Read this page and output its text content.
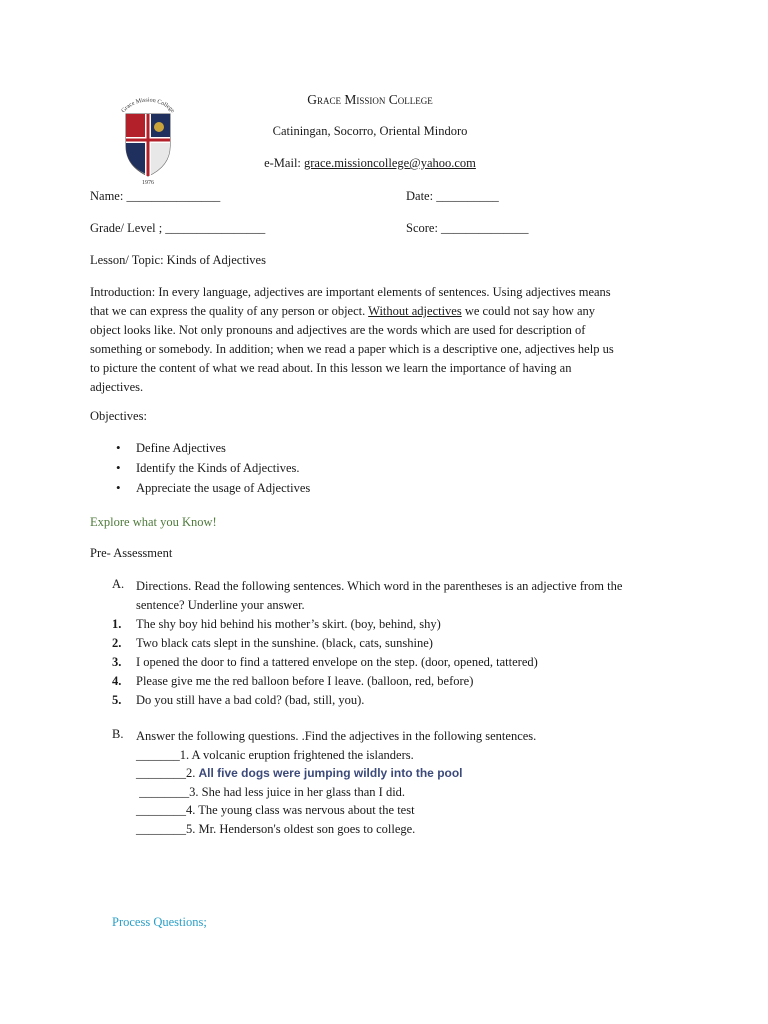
Grace Mission College
1976
Grace Mission College
Catiningan, Socorro, Oriental Mindoro
e-Mail: grace.missioncollege@yahoo.com
Name: _______________	Date: __________
Grade/ Level ; ________________	Score: ______________
Lesson/ Topic: Kinds of Adjectives
Introduction: In every language, adjectives are important elements of sentences. Using adjectives means
that we can express the quality of any person or object. Without adjectives we could not say how any
object looks like. Not only pronouns and adjectives are the words which are used for description of
something or somebody. In addition; when we read a paper which is a descriptive one, adjectives help us
to picture the content of what we read about. In this lesson we learn the importance of having an
adjectives.
Objectives:
• Define Adjectives
• Identify the Kinds of Adjectives.
• Appreciate the usage of Adjectives
Explore what you Know!
Pre- Assessment
A. Directions. Read the following sentences. Which word in the parentheses is an adjective from the
sentence? Underline your answer.
1. The shy boy hid behind his mother’s skirt. (boy, behind, shy)
2. Two black cats slept in the sunshine. (black, cats, sunshine)
3. I opened the door to find a tattered envelope on the step. (door, opened, tattered)
4. Please give me the red balloon before I leave. (balloon, red, before)
5. Do you still have a bad cold? (bad, still, you).
B. Answer the following questions. .Find the adjectives in the following sentences.
_______1. A volcanic eruption frightened the islanders.
________2. All five dogs were jumping wildly into the pool
________3. She had less juice in her glass than I did.
________4. The young class was nervous about the test
________5. Mr. Henderson's oldest son goes to college.
Process Questions;
